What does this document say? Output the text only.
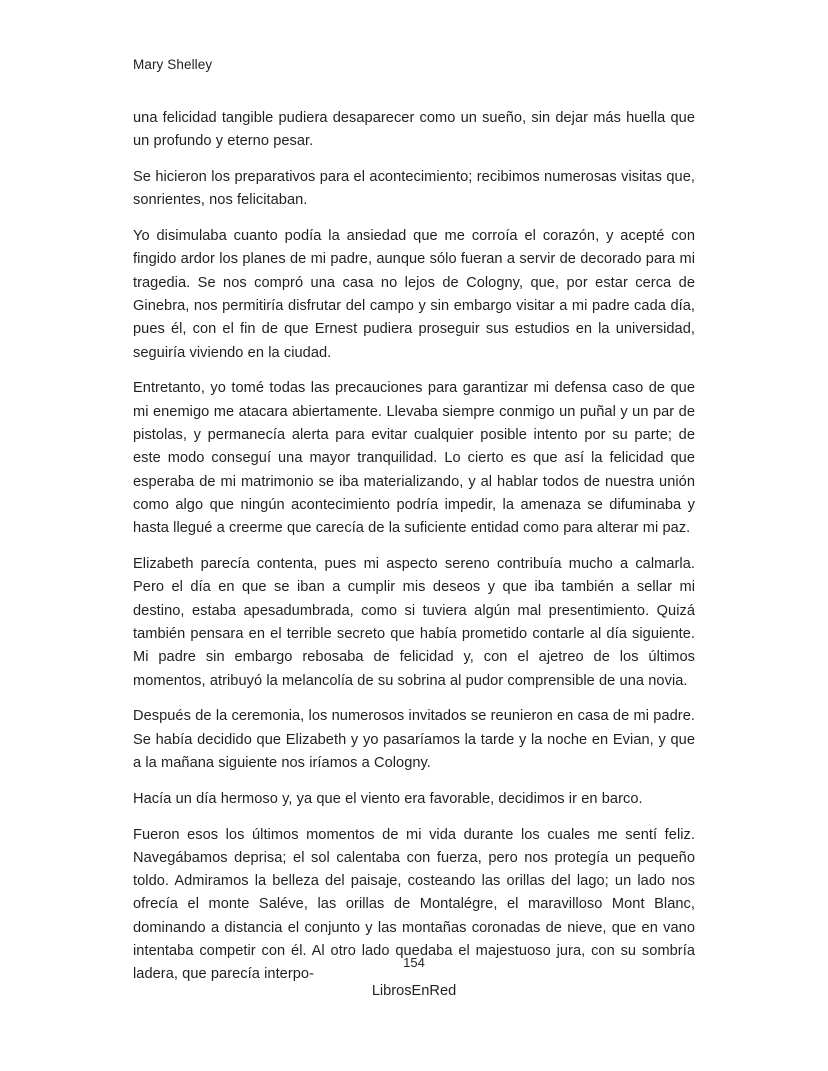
Mary Shelley

una felicidad tangible pudiera desaparecer como un sueño, sin dejar más huella que un profundo y eterno pesar.

Se hicieron los preparativos para el acontecimiento; recibimos numerosas visitas que, sonrientes, nos felicitaban.

Yo disimulaba cuanto podía la ansiedad que me corroía el corazón, y acepté con fingido ardor los planes de mi padre, aunque sólo fueran a servir de decorado para mi tragedia. Se nos compró una casa no lejos de Cologny, que, por estar cerca de Ginebra, nos permitiría disfrutar del campo y sin embargo visitar a mi padre cada día, pues él, con el fin de que Ernest pudiera proseguir sus estudios en la universidad, seguiría viviendo en la ciudad.

Entretanto, yo tomé todas las precauciones para garantizar mi defensa caso de que mi enemigo me atacara abiertamente. Llevaba siempre conmigo un puñal y un par de pistolas, y permanecía alerta para evitar cualquier posible intento por su parte; de este modo conseguí una mayor tranquilidad. Lo cierto es que así la felicidad que esperaba de mi matrimonio se iba materializando, y al hablar todos de nuestra unión como algo que ningún acontecimiento podría impedir, la amenaza se difuminaba y hasta llegué a creerme que carecía de la suficiente entidad como para alterar mi paz.

Elizabeth parecía contenta, pues mi aspecto sereno contribuía mucho a calmarla. Pero el día en que se iban a cumplir mis deseos y que iba también a sellar mi destino, estaba apesadumbrada, como si tuviera algún mal presentimiento. Quizá también pensara en el terrible secreto que había prometido contarle al día siguiente. Mi padre sin embargo rebosaba de felicidad y, con el ajetreo de los últimos momentos, atribuyó la melancolía de su sobrina al pudor comprensible de una novia.

Después de la ceremonia, los numerosos invitados se reunieron en casa de mi padre. Se había decidido que Elizabeth y yo pasaríamos la tarde y la noche en Evian, y que a la mañana siguiente nos iríamos a Cologny.

Hacía un día hermoso y, ya que el viento era favorable, decidimos ir en barco.

Fueron esos los últimos momentos de mi vida durante los cuales me sentí feliz. Navegábamos deprisa; el sol calentaba con fuerza, pero nos protegía un pequeño toldo. Admiramos la belleza del paisaje, costeando las orillas del lago; un lado nos ofrecía el monte Saléve, las orillas de Montalégre, el maravilloso Mont Blanc, dominando a distancia el conjunto y las montañas coronadas de nieve, que en vano intentaba competir con él. Al otro lado quedaba el majestuoso jura, con su sombría ladera, que parecía interpo-

154
LibrosEnRed
